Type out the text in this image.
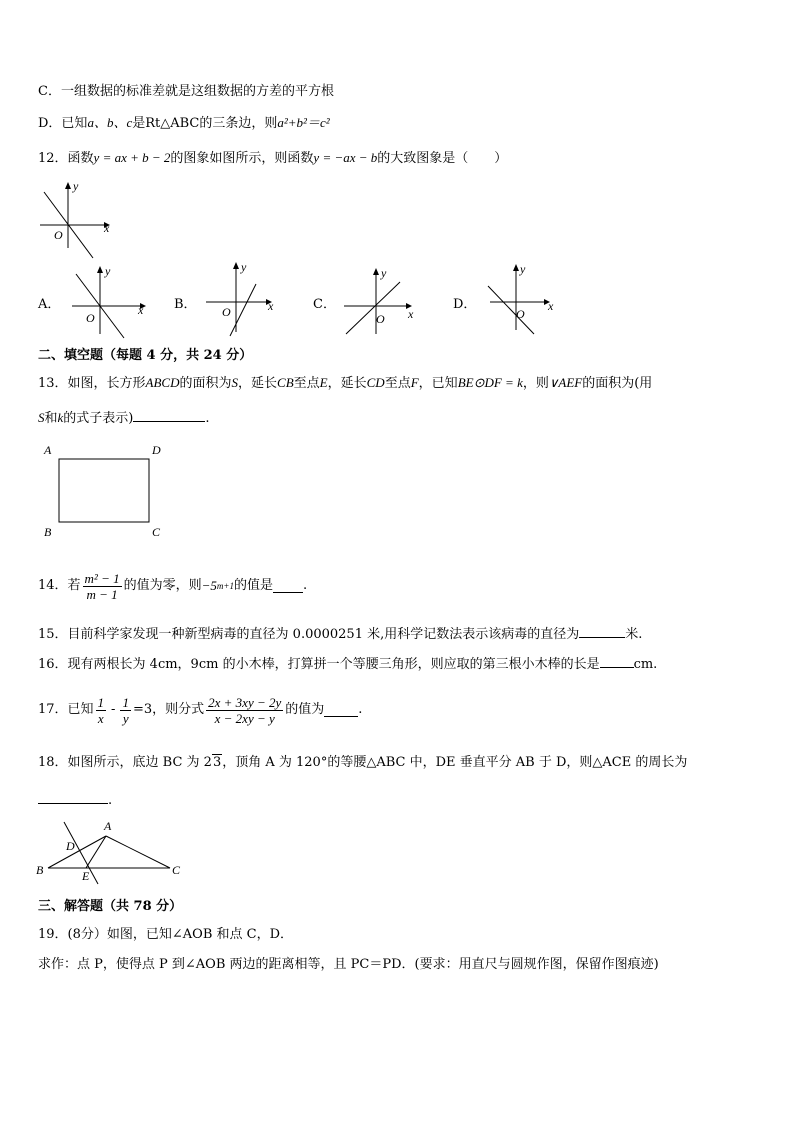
C．一组数据的标准差就是这组数据的方差的平方根
D．已知a、b、c是Rt△ABC的三条边，则a²+b²＝c²
12．函数y = ax + b − 2的图象如图所示，则函数y = −ax − b的大致图象是（　　）
x
y
O
A．	x
y
O
B．	x
y
O	C．
x
y
O
D．	x
y
O
二、填空题（每题 4 分，共 24 分）
13．如图，长方形ABCD的面积为S，延长CB至点E，延长CD至点F，已知BE⊙DF = k，则∨AEF的面积为(用
S和k的式子表示)	.
A	D
B	C
14．若 $\frac{\text{m² − 1}}{m - 1}$ 的值为零，则 −5 m+1 的值是 .
15．目前科学家发现一种新型病毒的直径为 0.0000251 米,用科学记数法表示该病毒的直径为	米.
16．现有两根长为 4cm，9cm 的小木棒，打算拼一个等腰三角形，则应取的第三根小木棒的长是	cm.
17．已知 $\frac{1}{x} - \frac{1}{y} =3$，则分式 $\frac{2x + 3xy - 2y}{x - 2xy - y}$ 的值为	.
18．如图所示，底边 BC 为 23，顶角 A 为 120°的等腰△ABC 中，DE 垂直平分 AB 于 D，则△ACE 的周长为
.
A
B	C
D
E
三、解答题（共 78 分）
19．(8分）如图，已知∠AOB 和点 C，D．
求作：点 P，使得点 P 到∠AOB 两边的距离相等，且 PC＝PD．(要求：用直尺与圆规作图，保留作图痕迹)
